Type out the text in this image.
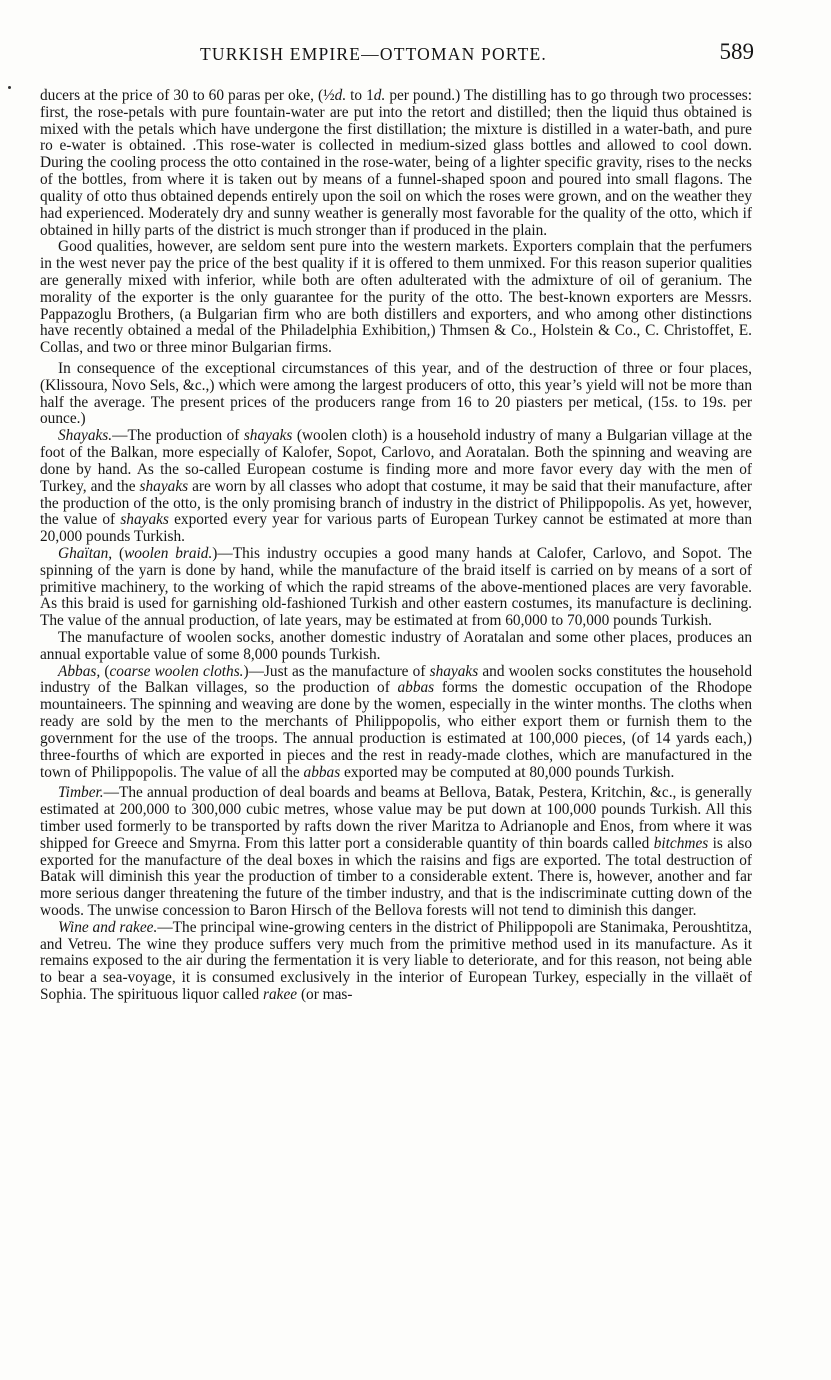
TURKISH EMPIRE—OTTOMAN PORTE.	589

ducers at the price of 30 to 60 paras per oke, (½d. to 1d. per pound.) The distilling has to go through two processes: first, the rose-petals with pure fountain-water are put into the retort and distilled; then the liquid thus obtained is mixed with the petals which have undergone the first distillation; the mixture is distilled in a water-bath, and pure ro e-water is obtained. .This rose-water is collected in medium-sized glass bottles and allowed to cool down. During the cooling process the otto contained in the rose-water, being of a lighter specific gravity, rises to the necks of the bottles, from where it is taken out by means of a funnel-shaped spoon and poured into small flagons. The quality of otto thus obtained depends entirely upon the soil on which the roses were grown, and on the weather they had experienced. Moderately dry and sunny weather is generally most favorable for the quality of the otto, which if obtained in hilly parts of the district is much stronger than if produced in the plain.

Good qualities, however, are seldom sent pure into the western markets. Exporters complain that the perfumers in the west never pay the price of the best quality if it is offered to them unmixed. For this reason superior qualities are generally mixed with inferior, while both are often adulterated with the admixture of oil of geranium. The morality of the exporter is the only guarantee for the purity of the otto. The best-known exporters are Messrs. Pappazoglu Brothers, (a Bulgarian firm who are both distillers and exporters, and who among other distinctions have recently obtained a medal of the Philadelphia Exhibition,) Thmsen & Co., Holstein & Co., C. Christoffet, E. Collas, and two or three minor Bulgarian firms.

In consequence of the exceptional circumstances of this year, and of the destruction of three or four places, (Klissoura, Novo Sels, &c.,) which were among the largest producers of otto, this year’s yield will not be more than half the average. The present prices of the producers range from 16 to 20 piasters per metical, (15s. to 19s. per ounce.)

Shayaks.—The production of shayaks (woolen cloth) is a household industry of many a Bulgarian village at the foot of the Balkan, more especially of Kalofer, Sopot, Carlovo, and Aoratalan. Both the spinning and weaving are done by hand. As the so-called European costume is finding more and more favor every day with the men of Turkey, and the shayaks are worn by all classes who adopt that costume, it may be said that their manufacture, after the production of the otto, is the only promising branch of industry in the district of Philippopolis. As yet, however, the value of shayaks exported every year for various parts of European Turkey cannot be estimated at more than 20,000 pounds Turkish.

Ghaïtan, (woolen braid.)—This industry occupies a good many hands at Calofer, Carlovo, and Sopot. The spinning of the yarn is done by hand, while the manufacture of the braid itself is carried on by means of a sort of primitive machinery, to the working of which the rapid streams of the above-mentioned places are very favorable. As this braid is used for garnishing old-fashioned Turkish and other eastern costumes, its manufacture is declining. The value of the annual production, of late years, may be estimated at from 60,000 to 70,000 pounds Turkish.

The manufacture of woolen socks, another domestic industry of Aoratalan and some other places, produces an annual exportable value of some 8,000 pounds Turkish.

Abbas, (coarse woolen cloths.)—Just as the manufacture of shayaks and woolen socks constitutes the household industry of the Balkan villages, so the production of abbas forms the domestic occupation of the Rhodope mountaineers. The spinning and weaving are done by the women, especially in the winter months. The cloths when ready are sold by the men to the merchants of Philippopolis, who either export them or furnish them to the government for the use of the troops. The annual production is estimated at 100,000 pieces, (of 14 yards each,) three-fourths of which are exported in pieces and the rest in ready-made clothes, which are manufactured in the town of Philippopolis. The value of all the abbas exported may be computed at 80,000 pounds Turkish.

Timber.—The annual production of deal boards and beams at Bellova, Batak, Pestera, Kritchin, &c., is generally estimated at 200,000 to 300,000 cubic metres, whose value may be put down at 100,000 pounds Turkish. All this timber used formerly to be transported by rafts down the river Maritza to Adrianople and Enos, from where it was shipped for Greece and Smyrna. From this latter port a considerable quantity of thin boards called bitchmes is also exported for the manufacture of the deal boxes in which the raisins and figs are exported. The total destruction of Batak will diminish this year the production of timber to a considerable extent. There is, however, another and far more serious danger threatening the future of the timber industry, and that is the indiscriminate cutting down of the woods. The unwise concession to Baron Hirsch of the Bellova forests will not tend to diminish this danger.

Wine and rakee.—The principal wine-growing centers in the district of Philippopoli are Stanimaka, Peroushtitza, and Vetreu. The wine they produce suffers very much from the primitive method used in its manufacture. As it remains exposed to the air during the fermentation it is very liable to deteriorate, and for this reason, not being able to bear a sea-voyage, it is consumed exclusively in the interior of European Turkey, especially in the villaët of Sophia. The spirituous liquor called rakee (or mas-
